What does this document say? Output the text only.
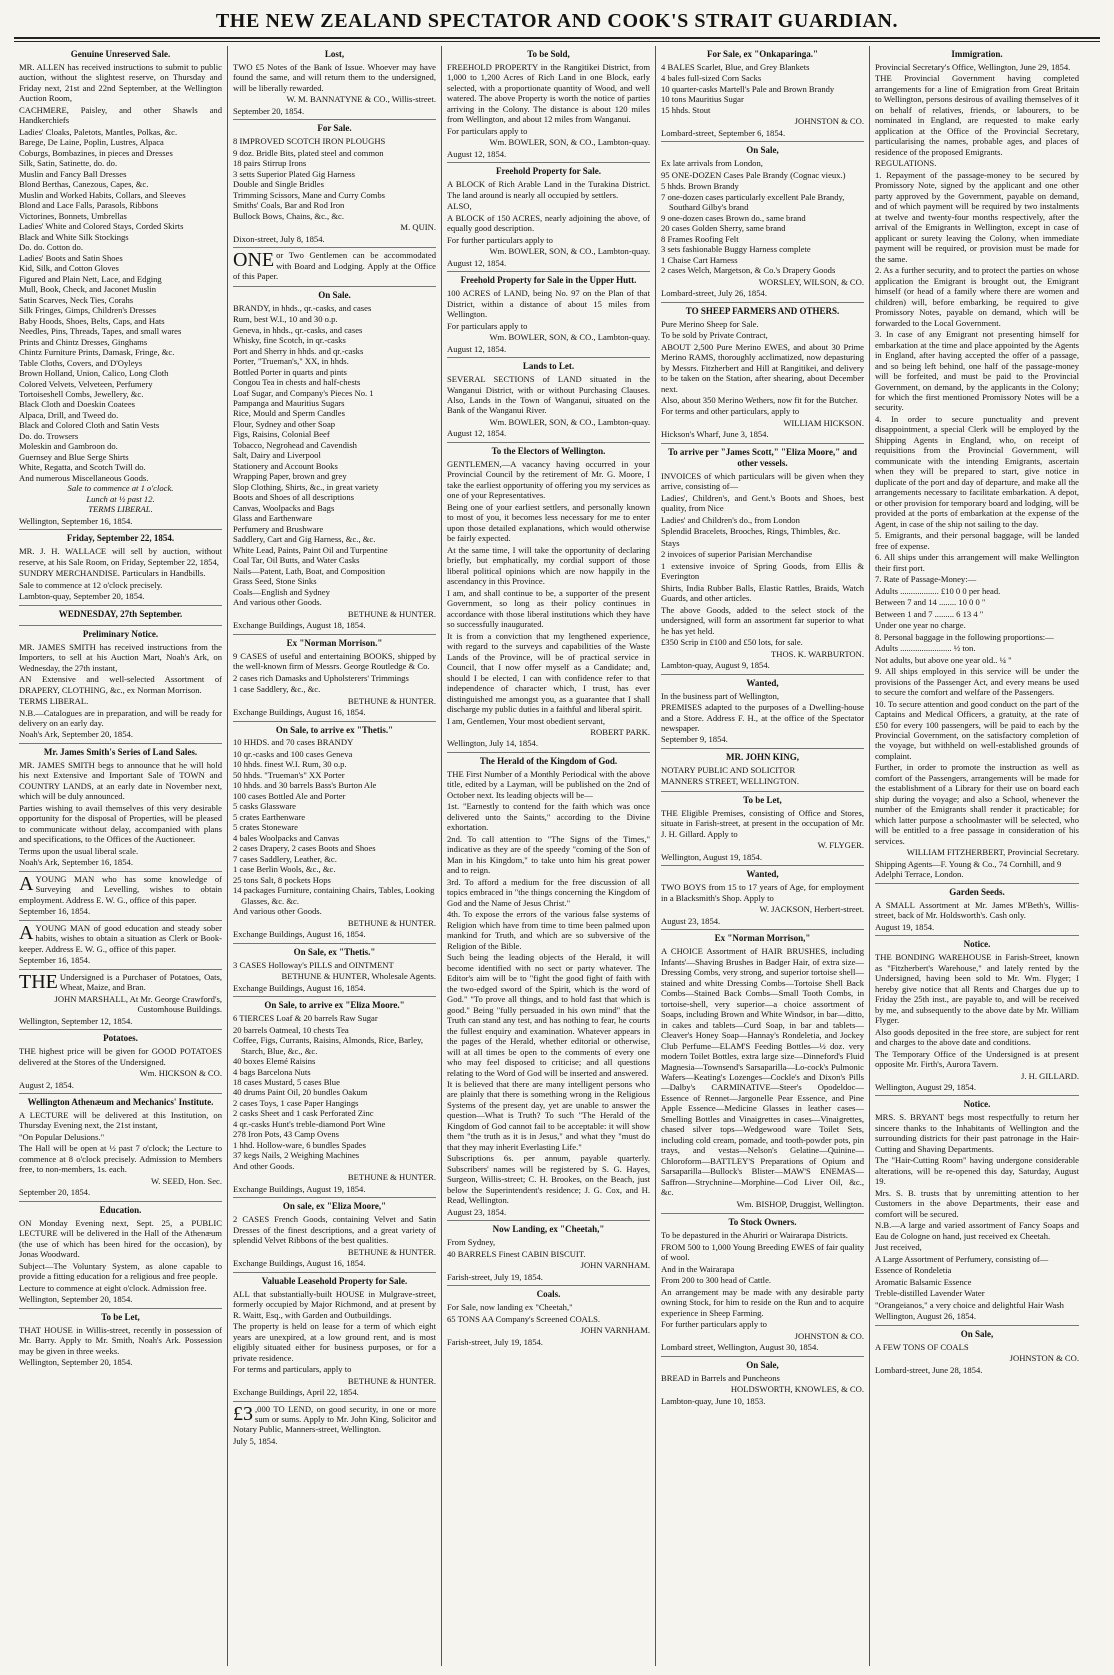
THE NEW ZEALAND SPECTATOR AND COOK'S STRAIT GUARDIAN.
Genuine Unreserved Sale.
MR. ALLEN has received instructions to submit to public auction, without the slightest reserve, on Thursday and Friday next, 21st and 22nd September, at the Wellington Auction Room,
CACHMERE, Paisley, and other Shawls and Handkerchiefs
Ladies' Cloaks, Paletots, Mantles, Polkas, &c.
Barege, De Laine, Poplin, Lustres, Alpaca
Coburgs, Bombazines, in pieces and Dresses
Silk, Satin, Satinette, do. do.
Muslin and Fancy Ball Dresses
Blond Berthas, Canezous, Capes, &c.
Muslin and Worked Habits, Collars, and Sleeves
Blond and Lace Falls, Parasols, Ribbons
Victorines, Bonnets, Umbrellas
Ladies' White and Colored Stays, Corded Skirts
Black and White Silk Stockings
Do. do. Cotton do.
Ladies' Boots and Satin Shoes
Kid, Silk, and Cotton Gloves
Figured and Plain Nett, Lace, and Edging
Mull, Book, Check, and Jaconet Muslin
Satin Scarves, Neck Ties, Corahs
Silk Fringes, Gimps, Children's Dresses
Baby Hoods, Shoes, Belts, Caps, and Hats
Needles, Pins, Threads, Tapes, and small wares
Prints and Chintz Dresses, Ginghams
Chintz Furniture Prints, Damask, Fringe, &c.
Table Cloths, Covers, and D'Oyleys
Brown Holland, Union, Calico, Long Cloth
Colored Velvets, Velveteen, Perfumery
Tortoiseshell Combs, Jewellery, &c.
Black Cloth and Doeskin Coatees
Alpaca, Drill, and Tweed do.
Black and Colored Cloth and Satin Vests
Do. do. Trowsers
Moleskin and Gambroon do.
Guernsey and Blue Serge Shirts
White, Regatta, and Scotch Twill do.
And numerous Miscellaneous Goods.
Sale to commence at 1 o'clock.
Lunch at ½ past 12.
TERMS LIBERAL.
Wellington, September 16, 1854.
Friday, September 22, 1854.
MR. J. H. WALLACE will sell by auction, without reserve, at his Sale Room, on Friday, September 22, 1854,
SUNDRY MERCHANDISE. Particulars in Handbills.
Sale to commence at 12 o'clock precisely.
Lambton-quay, September 20, 1854.
WEDNESDAY, 27th September.
Preliminary Notice.
MR. JAMES SMITH has received instructions from the Importers, to sell at his Auction Mart, Noah's Ark, on Wednesday, the 27th instant,
AN Extensive and well-selected Assortment of DRAPERY, CLOTHING, &c., ex Norman Morrison.
TERMS LIBERAL.
N.B.—Catalogues are in preparation, and will be ready for delivery on an early day.
Noah's Ark, September 20, 1854.
Mr. James Smith's Series of Land Sales.
MR. JAMES SMITH begs to announce that he will hold his next Extensive and Important Sale of TOWN and COUNTRY LANDS, at an early date in November next, which will be duly announced.
Parties wishing to avail themselves of this very desirable opportunity for the disposal of Properties, will be pleased to communicate without delay, accompanied with plans and specifications, to the Offices of the Auctioneer.
Terms upon the usual liberal scale.
Noah's Ark, September 16, 1854.
A YOUNG MAN who has some knowledge of Surveying and Levelling, wishes to obtain employment. Address E. W. G., office of this paper.
September 16, 1854.
A YOUNG MAN of good education and steady sober habits, wishes to obtain a situation as Clerk or Book-keeper. Address E. W. G., office of this paper.
September 16, 1854.
THE Undersigned is a Purchaser of Potatoes, Oats, Wheat, Maize, and Bran.
JOHN MARSHALL, At Mr. George Crawford's, Customhouse Buildings.
Wellington, September 12, 1854.
Potatoes.
THE highest price will be given for GOOD POTATOES delivered at the Stores of the Undersigned.
Wm. HICKSON & CO.
August 2, 1854.
Wellington Athenæum and Mechanics' Institute.
A LECTURE will be delivered at this Institution, on Thursday Evening next, the 21st instant,
"On Popular Delusions."
The Hall will be open at ½ past 7 o'clock; the Lecture to commence at 8 o'clock precisely. Admission to Members free, to non-members, 1s. each.
W. SEED, Hon. Sec.
September 20, 1854.
Education.
ON Monday Evening next, Sept. 25, a PUBLIC LECTURE will be delivered in the Hall of the Athenæum (the use of which has been hired for the occasion), by Jonas Woodward.
Subject—The Voluntary System, as alone capable to provide a fitting education for a religious and free people.
Lecture to commence at eight o'clock. Admission free.
Wellington, September 20, 1854.
To be Let,
THAT HOUSE in Willis-street, recently in possession of Mr. Barry. Apply to Mr. Smith, Noah's Ark. Possession may be given in three weeks.
Wellington, September 20, 1854.
Lost,
TWO £5 Notes of the Bank of Issue. Whoever may have found the same, and will return them to the undersigned, will be liberally rewarded.
W. M. BANNATYNE & CO., Willis-street.
September 20, 1854.
For Sale.
8 IMPROVED SCOTCH IRON PLOUGHS
9 doz. Bridle Bits, plated steel and common
18 pairs Stirrup Irons
3 setts Superior Plated Gig Harness
Double and Single Bridles
Trimming Scissors, Mane and Curry Combs
Smiths' Coals, Bar and Rod Iron
Bullock Bows, Chains, &c., &c.
M. QUIN.
Dixon-street, July 8, 1854.
ONE or Two Gentlemen can be accommodated with Board and Lodging. Apply at the Office of this Paper.
On Sale.
BRANDY, in hhds., qr.-casks, and cases
Rum, best W.I., 10 and 30 o.p.
Geneva, in hhds., qr.-casks, and cases
Whisky, fine Scotch, in qr.-casks
Port and Sherry in hhds. and qr.-casks
Porter, "Trueman's," XX, in hhds.
Bottled Porter in quarts and pints
Congou Tea in chests and half-chests
Loaf Sugar, and Company's Pieces No. 1
Pampanga and Mauritius Sugars
Rice, Mould and Sperm Candles
Flour, Sydney and other Soap
Figs, Raisins, Colonial Beef
Tobacco, Negrohead and Cavendish
Salt, Dairy and Liverpool
Stationery and Account Books
Wrapping Paper, brown and grey
Slop Clothing, Shirts, &c., in great variety
Boots and Shoes of all descriptions
Canvas, Woolpacks and Bags
Glass and Earthenware
Perfumery and Brushware
Saddlery, Cart and Gig Harness, &c., &c.
White Lead, Paints, Paint Oil and Turpentine
Coal Tar, Oil Butts, and Water Casks
Nails—Patent, Lath, Boat, and Composition
Grass Seed, Stone Sinks
Coals—English and Sydney
And various other Goods.
BETHUNE & HUNTER.
Exchange Buildings, August 18, 1854.
Ex "Norman Morrison."
9 CASES of useful and entertaining BOOKS, shipped by the well-known firm of Messrs. George Routledge & Co.
2 cases rich Damasks and Upholsterers' Trimmings
1 case Saddlery, &c., &c.
BETHUNE & HUNTER.
Exchange Buildings, August 16, 1854.
On Sale, to arrive ex "Thetis."
10 HHDS. and 70 cases BRANDY
10 qr.-casks and 100 cases Geneva
10 hhds. finest W.I. Rum, 30 o.p.
50 hhds. "Trueman's" XX Porter
10 hhds. and 30 barrels Bass's Burton Ale
100 cases Bottled Ale and Porter
5 casks Glassware
5 crates Earthenware
5 crates Stoneware
4 bales Woolpacks and Canvas
2 cases Drapery, 2 cases Boots and Shoes
7 cases Saddlery, Leather, &c.
1 case Berlin Wools, &c., &c.
25 tons Salt, 8 pockets Hops
14 packages Furniture, containing Chairs, Tables, Looking Glasses, &c. &c.
And various other Goods.
BETHUNE & HUNTER.
Exchange Buildings, August 16, 1854.
On Sale, ex "Thetis."
3 CASES Holloway's PILLS and OINTMENT
BETHUNE & HUNTER, Wholesale Agents.
Exchange Buildings, August 16, 1854.
On Sale, to arrive ex "Eliza Moore."
6 TIERCES Loaf & 20 barrels Raw Sugar
20 barrels Oatmeal, 10 chests Tea
Coffee, Figs, Currants, Raisins, Almonds, Rice, Barley, Starch, Blue, &c., &c.
40 boxes Elemé Raisins
4 bags Barcelona Nuts
18 cases Mustard, 5 cases Blue
40 drums Paint Oil, 20 bundles Oakum
2 cases Toys, 1 case Paper Hangings
2 casks Sheet and 1 cask Perforated Zinc
4 qr.-casks Hunt's treble-diamond Port Wine
278 Iron Pots, 43 Camp Ovens
1 hhd. Hollow-ware, 6 bundles Spades
37 kegs Nails, 2 Weighing Machines
And other Goods.
BETHUNE & HUNTER.
Exchange Buildings, August 19, 1854.
On sale, ex "Eliza Moore,"
2 CASES French Goods, containing Velvet and Satin Dresses of the finest descriptions, and a great variety of splendid Velvet Ribbons of the best qualities.
BETHUNE & HUNTER.
Exchange Buildings, August 16, 1854.
Valuable Leasehold Property for Sale.
ALL that substantially-built HOUSE in Mulgrave-street, formerly occupied by Major Richmond, and at present by R. Waitt, Esq., with Garden and Outbuildings.
The property is held on lease for a term of which eight years are unexpired, at a low ground rent, and is most eligibly situated either for business purposes, or for a private residence.
For terms and particulars, apply to
BETHUNE & HUNTER.
Exchange Buildings, April 22, 1854.
£3 ,000 TO LEND, on good security, in one or more sum or sums. Apply to Mr. John King, Solicitor and Notary Public, Manners-street, Wellington.
July 5, 1854.
To be Sold,
FREEHOLD PROPERTY in the Rangitikei District, from 1,000 to 1,200 Acres of Rich Land in one Block, early selected, with a proportionate quantity of Wood, and well watered. The above Property is worth the notice of parties arriving in the Colony. The distance is about 120 miles from Wellington, and about 12 miles from Wanganui.
For particulars apply to
Wm. BOWLER, SON, & CO., Lambton-quay.
August 12, 1854.
Freehold Property for Sale.
A BLOCK of Rich Arable Land in the Turakina District. The land around is nearly all occupied by settlers.
ALSO,
A BLOCK of 150 ACRES, nearly adjoining the above, of equally good description.
For further particulars apply to
Wm. BOWLER, SON, & CO., Lambton-quay.
August 12, 1854.
Freehold Property for Sale in the Upper Hutt.
100 ACRES of LAND, being No. 97 on the Plan of that District, within a distance of about 15 miles from Wellington.
For particulars apply to
Wm. BOWLER, SON, & CO., Lambton-quay.
August 12, 1854.
Lands to Let.
SEVERAL SECTIONS of LAND situated in the Wanganui District, with or without Purchasing Clauses. Also, Lands in the Town of Wanganui, situated on the Bank of the Wanganui River.
Wm. BOWLER, SON, & CO., Lambton-quay.
August 12, 1854.
To the Electors of Wellington.
GENTLEMEN,—A vacancy having occurred in your Provincial Council by the retirement of Mr. G. Moore, I take the earliest opportunity of offering you my services as one of your Representatives.
Being one of your earliest settlers, and personally known to most of you, it becomes less necessary for me to enter upon those detailed explanations, which would otherwise be fairly expected.
At the same time, I will take the opportunity of declaring briefly, but emphatically, my cordial support of those liberal political opinions which are now happily in the ascendancy in this Province.
I am, and shall continue to be, a supporter of the present Government, so long as their policy continues in accordance with those liberal institutions which they have so successfully inaugurated.
It is from a conviction that my lengthened experience, with regard to the surveys and capabilities of the Waste Lands of the Province, will be of practical service in Council, that I now offer myself as a Candidate; and, should I be elected, I can with confidence refer to that independence of character which, I trust, has ever distinguished me amongst you, as a guarantee that I shall discharge my public duties in a faithful and liberal spirit.
I am, Gentlemen, Your most obedient servant,
ROBERT PARK.
Wellington, July 14, 1854.
The Herald of the Kingdom of God.
THE First Number of a Monthly Periodical with the above title, edited by a Layman, will be published on the 2nd of October next. Its leading objects will be—
1st. "Earnestly to contend for the faith which was once delivered unto the Saints," according to the Divine exhortation.
2nd. To call attention to "The Signs of the Times," indicative as they are of the speedy "coming of the Son of Man in his Kingdom," to take unto him his great power and to reign.
3rd. To afford a medium for the free discussion of all topics embraced in "the things concerning the Kingdom of God and the Name of Jesus Christ."
4th. To expose the errors of the various false systems of Religion which have from time to time been palmed upon mankind for Truth, and which are so subversive of the Religion of the Bible.
Such being the leading objects of the Herald, it will become identified with no sect or party whatever. The Editor's aim will be to "fight the good fight of faith with the two-edged sword of the Spirit, which is the word of God." "To prove all things, and to hold fast that which is good." Being "fully persuaded in his own mind" that the Truth can stand any test, and has nothing to fear, he courts the fullest enquiry and examination. Whatever appears in the pages of the Herald, whether editorial or otherwise, will at all times be open to the comments of every one who may feel disposed to criticise; and all questions relating to the Word of God will be inserted and answered.
It is believed that there are many intelligent persons who are plainly that there is something wrong in the Religious Systems of the present day, yet are unable to answer the question—What is Truth? To such "The Herald of the Kingdom of God cannot fail to be acceptable: it will show them "the truth as it is in Jesus," and what they "must do that they may inherit Everlasting Life."
Subscriptions 6s. per annum, payable quarterly. Subscribers' names will be registered by S. G. Hayes, Surgeon, Willis-street; C. H. Brookes, on the Beach, just below the Superintendent's residence; J. G. Cox, and H. Read, Wellington.
August 23, 1854.
Now Landing, ex "Cheetah,"
From Sydney,
40 BARRELS Finest CABIN BISCUIT.
JOHN VARNHAM.
Farish-street, July 19, 1854.
Coals.
For Sale, now landing ex "Cheetah,"
65 TONS AA Company's Screened COALS.
JOHN VARNHAM.
Farish-street, July 19, 1854.
For Sale, ex "Onkaparinga."
4 BALES Scarlet, Blue, and Grey Blankets
4 bales full-sized Corn Sacks
10 quarter-casks Martell's Pale and Brown Brandy
10 tons Mauritius Sugar
15 hhds. Stout
JOHNSTON & CO.
Lombard-street, September 6, 1854.
On Sale,
Ex late arrivals from London,
95 ONE-DOZEN Cases Pale Brandy (Cognac vieux.)
5 hhds. Brown Brandy
7 one-dozen cases particularly excellent Pale Brandy, Southard Gilby's brand
9 one-dozen cases Brown do., same brand
20 cases Golden Sherry, same brand
8 Frames Roofing Felt
3 sets fashionable Buggy Harness complete
1 Chaise Cart Harness
2 cases Welch, Margetson, & Co.'s Drapery Goods
WORSLEY, WILSON, & CO.
Lombard-street, July 26, 1854.
TO SHEEP FARMERS AND OTHERS.
Pure Merino Sheep for Sale.
To be sold by Private Contract,
ABOUT 2,500 Pure Merino EWES, and about 30 Prime Merino RAMS, thoroughly acclimatized, now depasturing by Messrs. Fitzherbert and Hill at Rangitikei, and delivery to be taken on the Station, after shearing, about December next.
Also, about 350 Merino Wethers, now fit for the Butcher.
For terms and other particulars, apply to
WILLIAM HICKSON.
Hickson's Wharf, June 3, 1854.
To arrive per "James Scott," "Eliza Moore," and other vessels.
INVOICES of which particulars will be given when they arrive, consisting of—
Ladies', Children's, and Gent.'s Boots and Shoes, best quality, from Nice
Ladies' and Children's do., from London
Splendid Bracelets, Brooches, Rings, Thimbles, &c.
Stays
2 invoices of superior Parisian Merchandise
1 extensive invoice of Spring Goods, from Ellis & Everington
Shirts, India Rubber Balls, Elastic Rattles, Braids, Watch Guards, and other articles.
The above Goods, added to the select stock of the undersigned, will form an assortment far superior to what he has yet held.
£350 Scrip in £100 and £50 lots, for sale.
THOS. K. WARBURTON.
Lambton-quay, August 9, 1854.
Wanted,
In the business part of Wellington,
PREMISES adapted to the purposes of a Dwelling-house and a Store. Address F. H., at the office of the Spectator newspaper.
September 9, 1854.
MR. JOHN KING,
NOTARY PUBLIC AND SOLICITOR
MANNERS STREET, WELLINGTON.
To be Let,
THE Eligible Premises, consisting of Office and Stores, situate in Farish-street, at present in the occupation of Mr. J. H. Gillard. Apply to
W. FLYGER.
Wellington, August 19, 1854.
Wanted,
TWO BOYS from 15 to 17 years of Age, for employment in a Blacksmith's Shop. Apply to
W. JACKSON, Herbert-street.
August 23, 1854.
Ex "Norman Morrison,"
A CHOICE Assortment of HAIR BRUSHES, including Infants'—Shaving Brushes in Badger Hair, of extra size—Dressing Combs, very strong, and superior tortoise shell—stained and white Dressing Combs—Tortoise Shell Back Combs—Stained Back Combs—Small Tooth Combs, in tortoise-shell, very superior—a choice assortment of Soaps, including Brown and White Windsor, in bar—ditto, in cakes and tablets—Curd Soap, in bar and tablets—Cleaver's Honey Soap—Hannay's Rondeletia, and Jockey Club Perfume—ELAM'S Feeding Bottles—½ doz. very modern Toilet Bottles, extra large size—Dinneford's Fluid Magnesia—Townsend's Sarsaparilla—Lo-cock's Pulmonic Wafers—Keating's Lozenges—Cockle's and Dixon's Pills—Dalby's CARMINATIVE—Steer's Opodeldoc—Essence of Rennet—Jargonelle Pear Essence, and Pine Apple Essence—Medicine Glasses in leather cases—Smelling Bottles and Vinaigrettes in cases—Vinaigrettes, chased silver tops—Wedgewood ware Toilet Sets, including cold cream, pomade, and tooth-powder pots, pin trays, and vestas—Nelson's Gelatine—Quinine—Chloroform—BATTLEY'S Preparations of Opium and Sarsaparilla—Bullock's Blister—MAW'S ENEMAS—Saffron—Strychnine—Morphine—Cod Liver Oil, &c., &c.
Wm. BISHOP, Druggist, Wellington.
To Stock Owners.
To be depastured in the Ahuriri or Wairarapa Districts.
FROM 500 to 1,000 Young Breeding EWES of fair quality of wool.
And in the Wairarapa
From 200 to 300 head of Cattle.
An arrangement may be made with any desirable party owning Stock, for him to reside on the Run and to acquire experience in Sheep Farming.
For further particulars apply to
JOHNSTON & CO.
Lombard street, Wellington, August 30, 1854.
On Sale,
BREAD in Barrels and Puncheons
HOLDSWORTH, KNOWLES, & CO.
Lambton-quay, June 10, 1853.
Immigration.
Provincial Secretary's Office, Wellington, June 29, 1854.
THE Provincial Government having completed arrangements for a line of Emigration from Great Britain to Wellington, persons desirous of availing themselves of it on behalf of relatives, friends, or labourers, to be nominated in England, are requested to make early application at the Office of the Provincial Secretary, particularising the names, probable ages, and places of residence of the proposed Emigrants.
REGULATIONS.
1. Repayment of the passage-money to be secured by Promissory Note, signed by the applicant and one other party approved by the Government, payable on demand, and of which payment will be required by two instalments at twelve and twenty-four months respectively, after the arrival of the Emigrants in Wellington, except in case of applicant or surety leaving the Colony, when immediate payment will be required, or provision must be made for the same.
2. As a further security, and to protect the parties on whose application the Emigrant is brought out, the Emigrant himself (or head of a family where there are women and children) will, before embarking, be required to give Promissory Notes, payable on demand, which will be forwarded to the Local Government.
3. In case of any Emigrant not presenting himself for embarkation at the time and place appointed by the Agents in England, after having accepted the offer of a passage, and so being left behind, one half of the passage-money will be forfeited, and must be paid to the Provincial Government, on demand, by the applicants in the Colony; for which the first mentioned Promissory Notes will be a security.
4. In order to secure punctuality and prevent disappointment, a special Clerk will be employed by the Shipping Agents in England, who, on receipt of requisitions from the Provincial Government, will communicate with the intending Emigrants, ascertain when they will be prepared to start, give notice in duplicate of the port and day of departure, and make all the arrangements necessary to facilitate embarkation. A depot, or other provision for temporary board and lodging, will be provided at the ports of embarkation at the expense of the Agent, in case of the ship not sailing to the day.
5. Emigrants, and their personal baggage, will be landed free of expense.
6. All ships under this arrangement will make Wellington their first port.
7. Rate of Passage-Money:—
Adults .................. £10 0 0 per head.
Between 7 and 14 ........ 10 0 0 "
Between 1 and 7 ......... 6 13 4 "
Under one year no charge.
8. Personal baggage in the following proportions:—
Adults ........................ ½ ton.
Not adults, but above one year old.. ¼ "
9. All ships employed in this service will be under the provisions of the Passenger Act, and every means be used to secure the comfort and welfare of the Passengers.
10. To secure attention and good conduct on the part of the Captains and Medical Officers, a gratuity, at the rate of £50 for every 100 passengers, will be paid to each by the Provincial Government, on the satisfactory completion of the voyage, but withheld on well-established grounds of complaint.
Further, in order to promote the instruction as well as comfort of the Passengers, arrangements will be made for the establishment of a Library for their use on board each ship during the voyage; and also a School, whenever the number of the Emigrants shall render it practicable; for which latter purpose a schoolmaster will be selected, who will be entitled to a free passage in consideration of his services.
WILLIAM FITZHERBERT, Provincial Secretary.
Shipping Agents—F. Young & Co., 74 Cornhill, and 9 Adelphi Terrace, London.
Garden Seeds.
A SMALL Assortment at Mr. James M'Beth's, Willis-street, back of Mr. Holdsworth's. Cash only.
August 19, 1854.
Notice.
THE BONDING WAREHOUSE in Farish-Street, known as "Fitzherbert's Warehouse," and lately rented by the Undersigned, having been sold to Mr. Wm. Flyger; I hereby give notice that all Rents and Charges due up to Friday the 25th inst., are payable to, and will be received by me, and subsequently to the above date by Mr. William Flyger.
Also goods deposited in the free store, are subject for rent and charges to the above date and conditions.
The Temporary Office of the Undersigned is at present opposite Mr. Firth's, Aurora Tavern.
J. H. GILLARD.
Wellington, August 29, 1854.
Notice.
MRS. S. BRYANT begs most respectfully to return her sincere thanks to the Inhabitants of Wellington and the surrounding districts for their past patronage in the Hair-Cutting and Shaving Departments.
The "Hair-Cutting Room" having undergone considerable alterations, will be re-opened this day, Saturday, August 19.
Mrs. S. B. trusts that by unremitting attention to her Customers in the above Departments, their ease and comfort will be secured.
N.B.—A large and varied assortment of Fancy Soaps and Eau de Cologne on hand, just received ex Cheetah.
Just received,
A Large Assortment of Perfumery, consisting of—
Essence of Rondeletia
Aromatic Balsamic Essence
Treble-distilled Lavender Water
"Orangeianos," a very choice and delightful Hair Wash
Wellington, August 26, 1854.
On Sale,
A FEW TONS OF COALS
JOHNSTON & CO.
Lombard-street, June 28, 1854.
